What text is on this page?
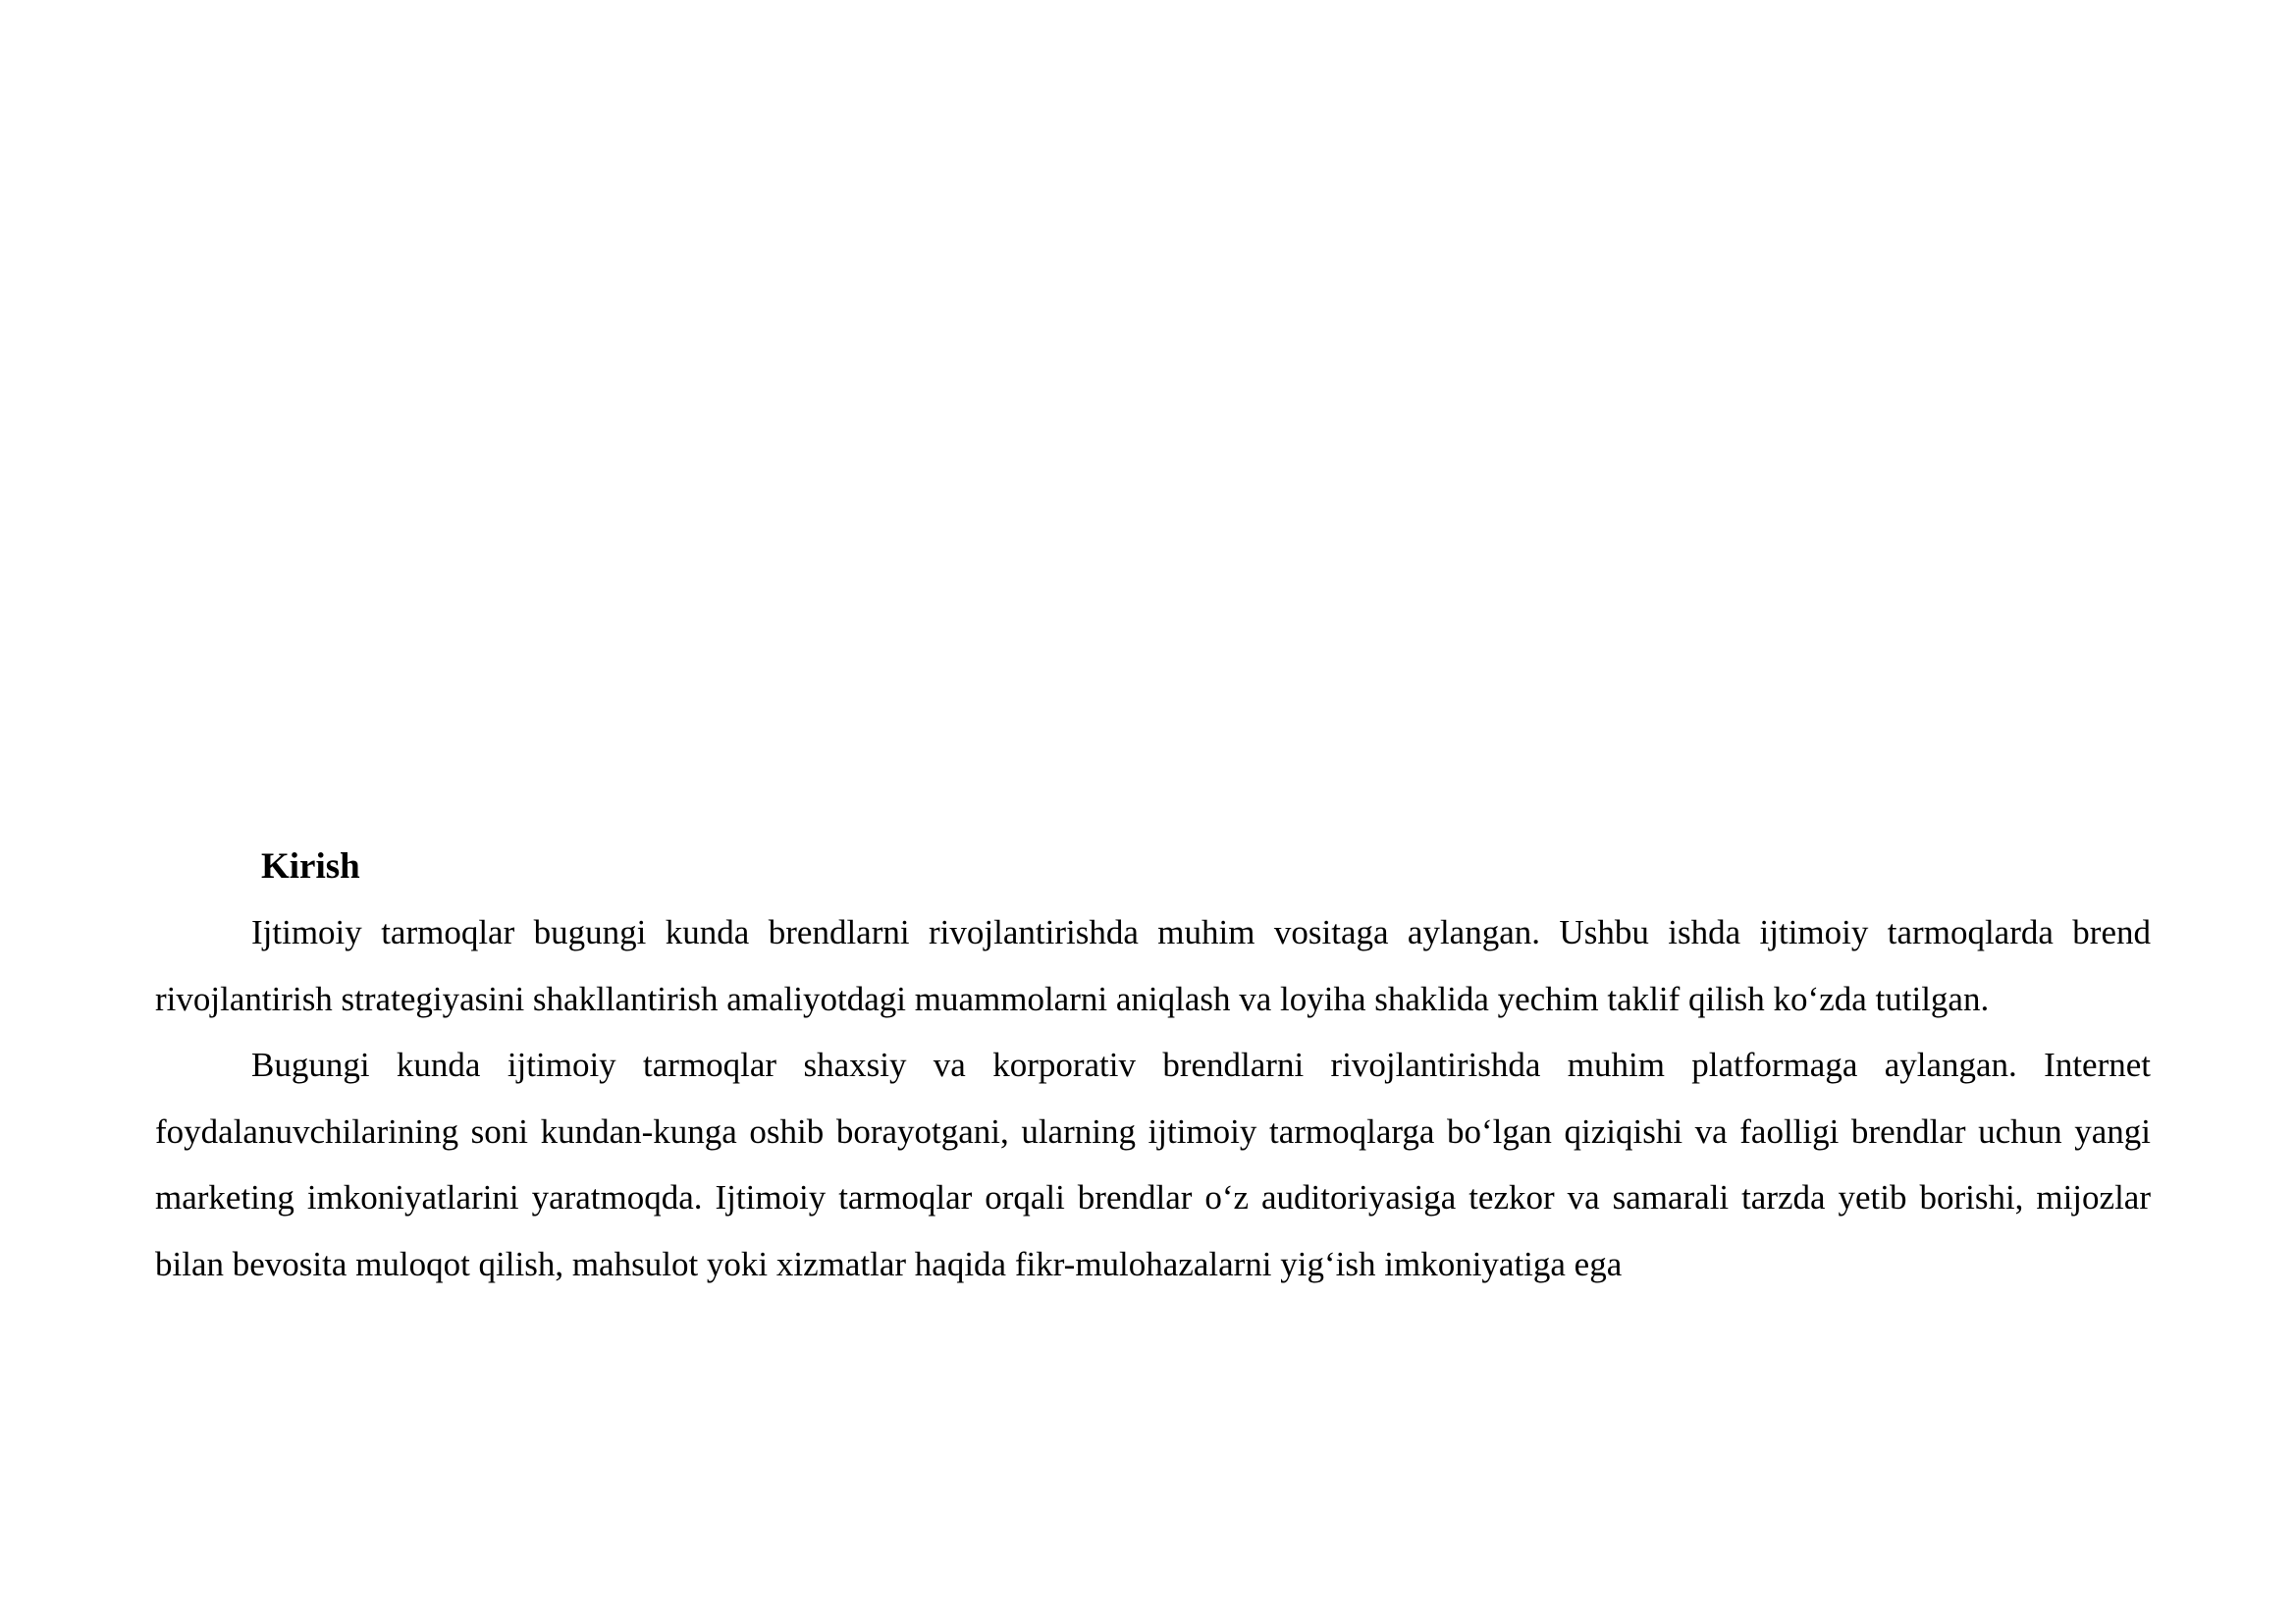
Kirish

Ijtimoiy tarmoqlar bugungi kunda brendlarni rivojlantirishda muhim vositaga aylangan. Ushbu ishda ijtimoiy tarmoqlarda brend rivojlantirish strategiyasini shakllantirish amaliyotdagi muammolarni aniqlash va loyiha shaklida yechim taklif qilish ko‘zda tutilgan.

Bugungi kunda ijtimoiy tarmoqlar shaxsiy va korporativ brendlarni rivojlantirishda muhim platformaga aylangan. Internet foydalanuvchilarining soni kundan-kunga oshib borayotgani, ularning ijtimoiy tarmoqlarga bo‘lgan qiziqishi va faolligi brendlar uchun yangi marketing imkoniyatlarini yaratmoqda. Ijtimoiy tarmoqlar orqali brendlar o‘z auditoriyasiga tezkor va samarali tarzda yetib borishi, mijozlar bilan bevosita muloqot qilish, mahsulot yoki xizmatlar haqida fikr-mulohazalarni yig‘ish imkoniyatiga ega
